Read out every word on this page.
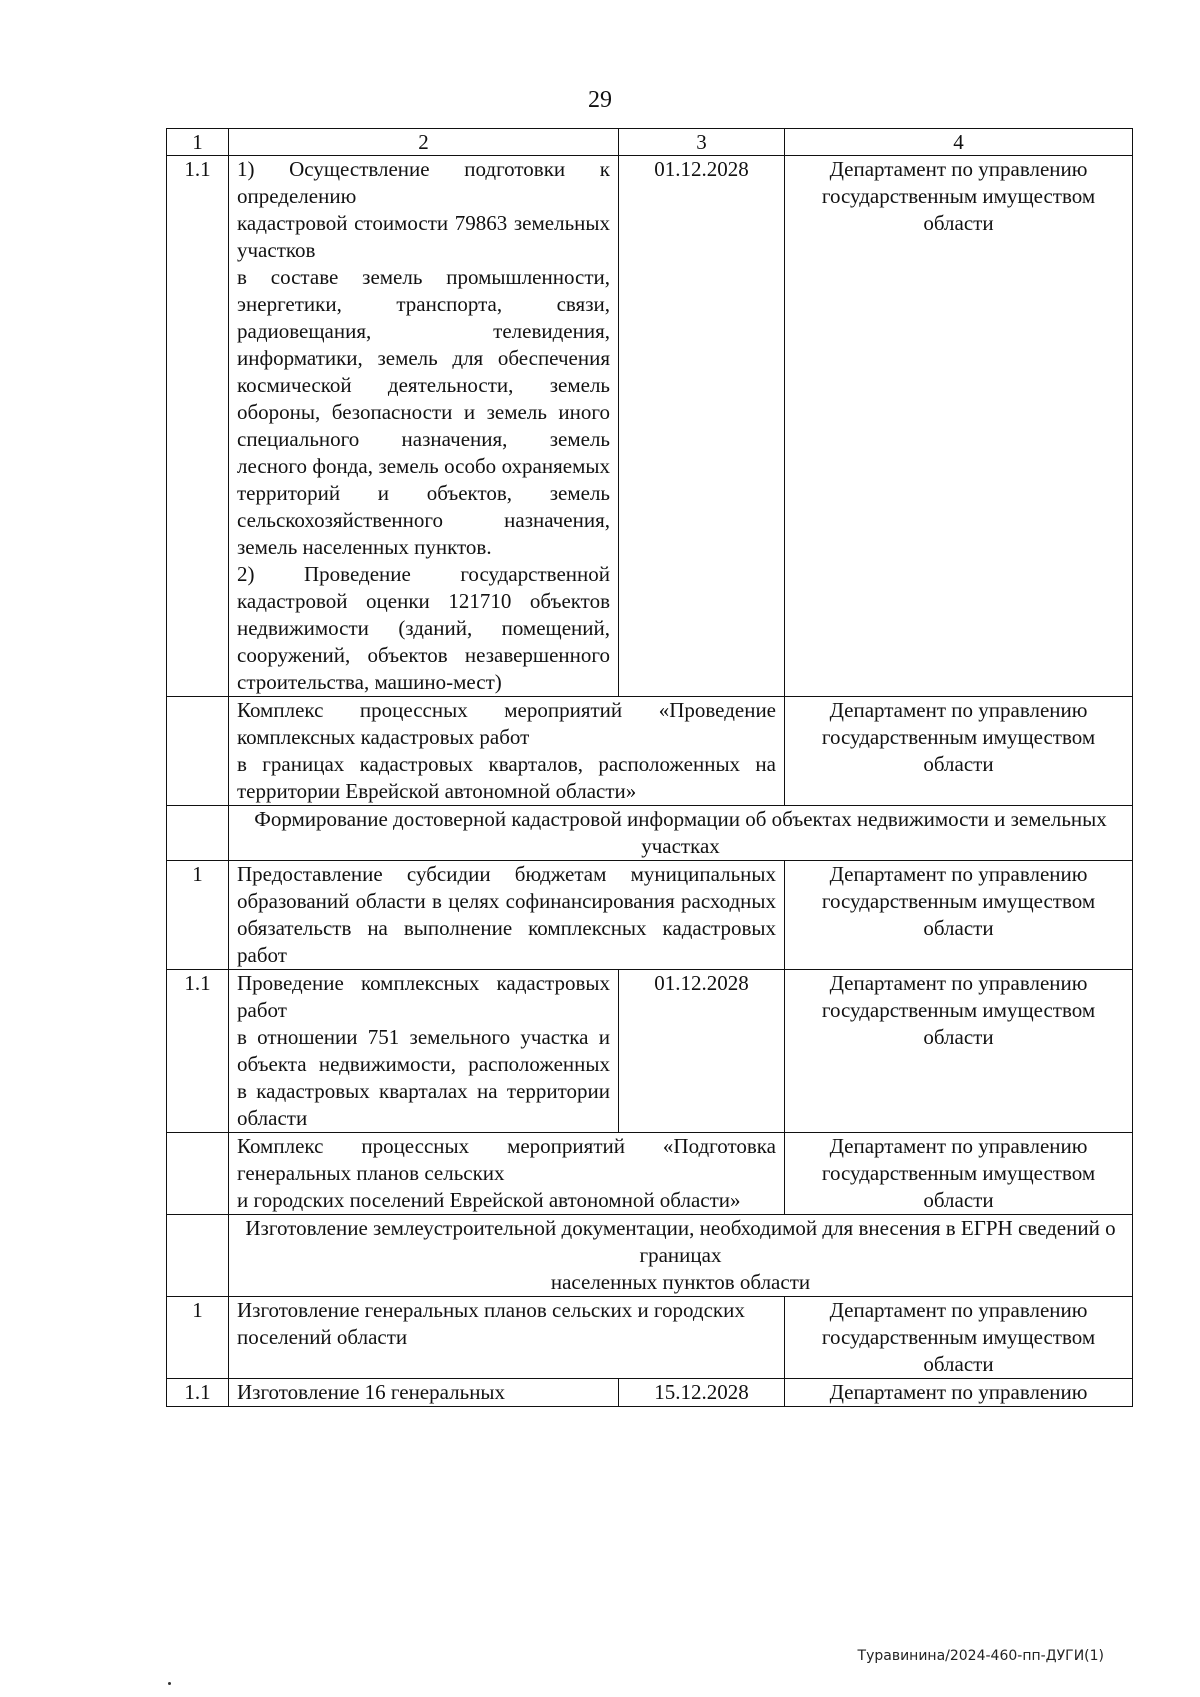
29
1	2	3	4
1.1	1) Осуществление подготовки к определению
кадастровой стоимости 79863 земельных участков
в составе земель промышленности, энергетики, транспорта, связи, радиовещания, телевидения, информатики, земель для обеспечения космической деятельности, земель обороны, безопасности и земель иного специального назначения, земель лесного фонда, земель особо охраняемых территорий и объектов, земель сельскохозяйственного назначения, земель населенных пунктов.
2) Проведение государственной кадастровой оценки 121710 объектов недвижимости (зданий, помещений, сооружений, объектов незавершенного строительства, машино-мест)	01.12.2028	Департамент по управлению государственным имуществом области
	Комплекс процессных мероприятий «Проведение комплексных кадастровых работ
в границах кадастровых кварталов, расположенных на территории Еврейской автономной области»		Департамент по управлению государственным имуществом области
	Формирование достоверной кадастровой информации об объектах недвижимости и земельных участках		
1	Предоставление субсидии бюджетам муниципальных образований области в целях софинансирования расходных обязательств на выполнение комплексных кадастровых работ		Департамент по управлению государственным имуществом области
1.1	Проведение комплексных кадастровых работ
в отношении 751 земельного участка и объекта недвижимости, расположенных в кадастровых кварталах на территории области	01.12.2028	Департамент по управлению государственным имуществом области
	Комплекс процессных мероприятий «Подготовка генеральных планов сельских
и городских поселений Еврейской автономной области»		Департамент по управлению государственным имуществом области
	Изготовление землеустроительной документации, необходимой для внесения в ЕГРН сведений о границах
населенных пунктов области		
1	Изготовление генеральных планов сельских и городских поселений области		Департамент по управлению государственным имуществом области
1.1	Изготовление 16 генеральных	15.12.2028	Департамент по управлению
Туравинина/2024-460-пп-ДУГИ(1)
